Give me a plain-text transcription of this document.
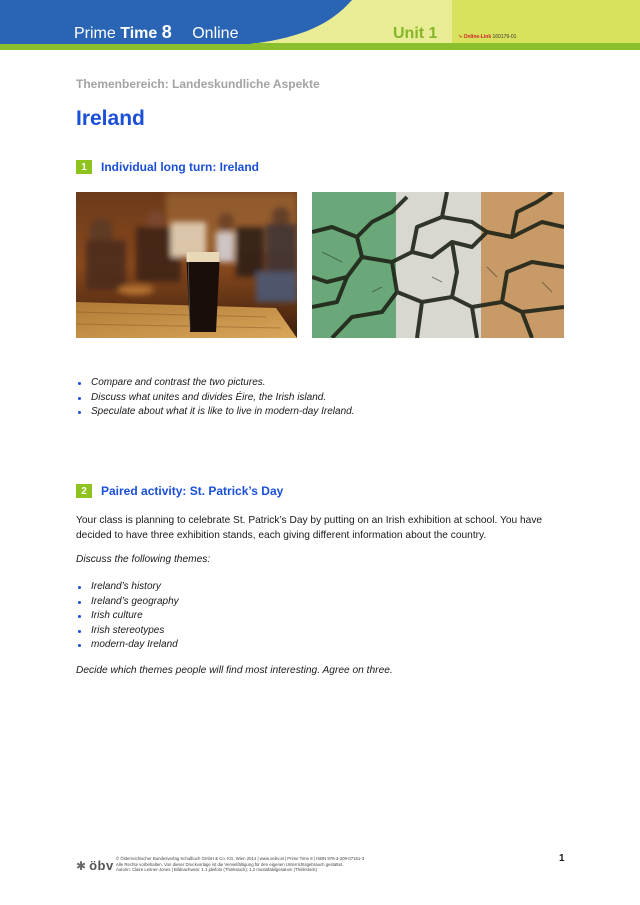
Prime Time 8 Online	Unit 1	↘ Online-Link 160179-01
Themenbereich: Landeskundliche Aspekte
Ireland
1	Individual long turn: Ireland
Compare and contrast the two pictures.
Discuss what unites and divides Éire, the Irish island.
Speculate about what it is like to live in modern-day Ireland.
2	Paired activity: St. Patrick’s Day

Your class is planning to celebrate St. Patrick’s Day by putting on an Irish exhibition at school. You have decided to have three exhibition stands, each giving different information about the country.

Discuss the following themes:

Ireland’s history
Ireland’s geography
Irish culture
Irish stereotypes
modern-day Ireland

Decide which themes people will find most interesting. Agree on three.

✱ öbv © Österreichischer Bundesverlag Schulbuch GmbH & Co. KG, Wien 2014 | www.oebv.at | Prime Time 8 | ISBN 978-3-209-07161-3
Alle Rechte vorbehalten. Von dieser Druckvorlage ist die Vervielfältigung für den eigenen Unterrichtsgebrauch gestattet.
Autorin: Claire Leitner-Jones | Bildnachweis: 1.1 jdwfoto (Thinkstock); 1.2 mustafabilgesatıon (Thinkstock)
1
